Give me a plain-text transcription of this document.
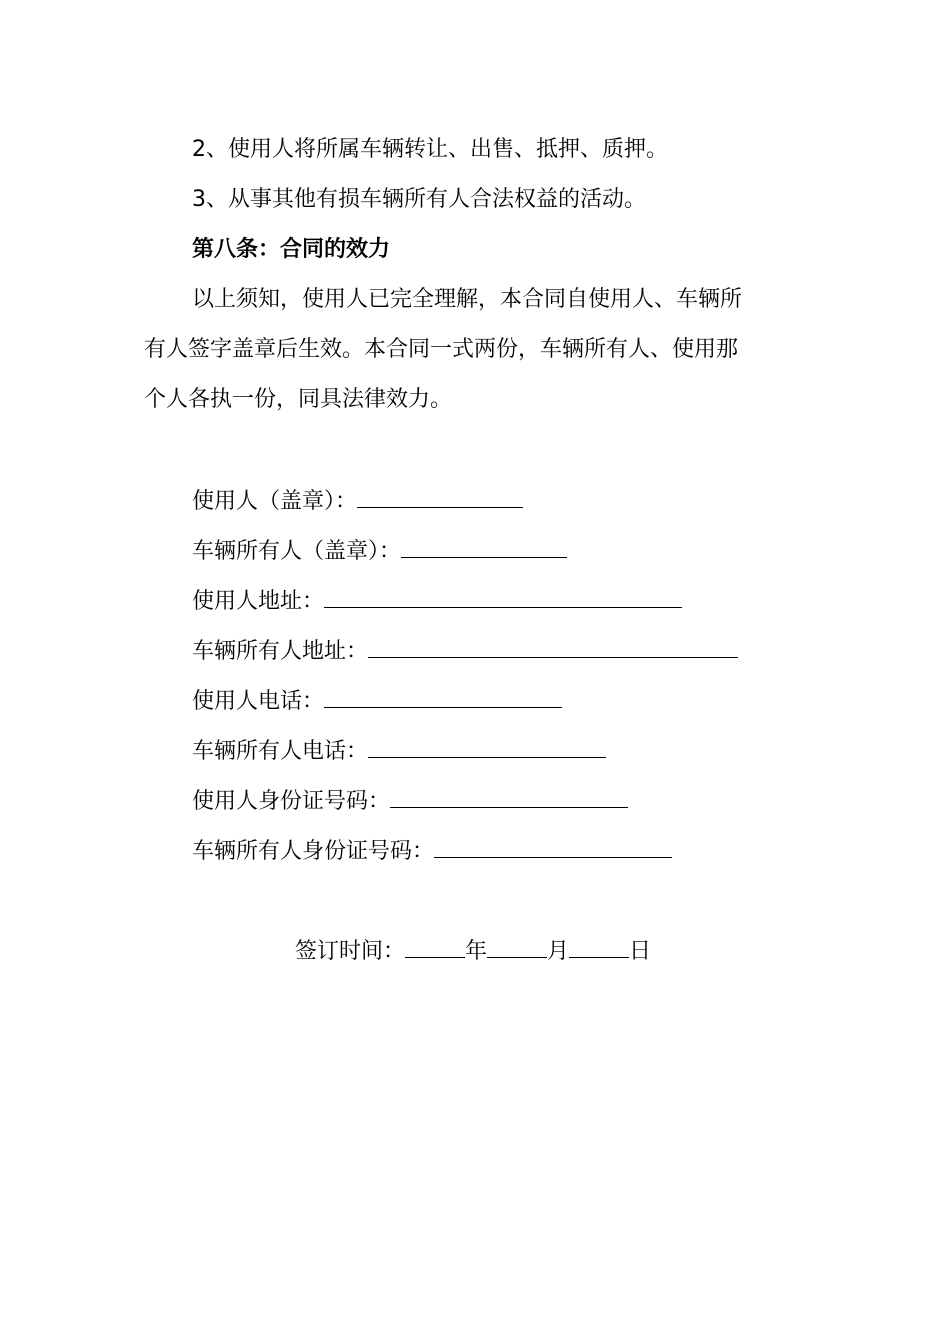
2、使用人将所属车辆转让、出售、抵押、质押。
3、从事其他有损车辆所有人合法权益的活动。
第八条：合同的效力
以上须知，使用人已完全理解，本合同自使用人、车辆所
有人签字盖章后生效。本合同一式两份，车辆所有人、使用那
个人各执一份，同具法律效力。
使用人（盖章）：
车辆所有人（盖章）：
使用人地址：
车辆所有人地址：
使用人电话：
车辆所有人电话：
使用人身份证号码：
车辆所有人身份证号码：
签订时间：	年	月	日
